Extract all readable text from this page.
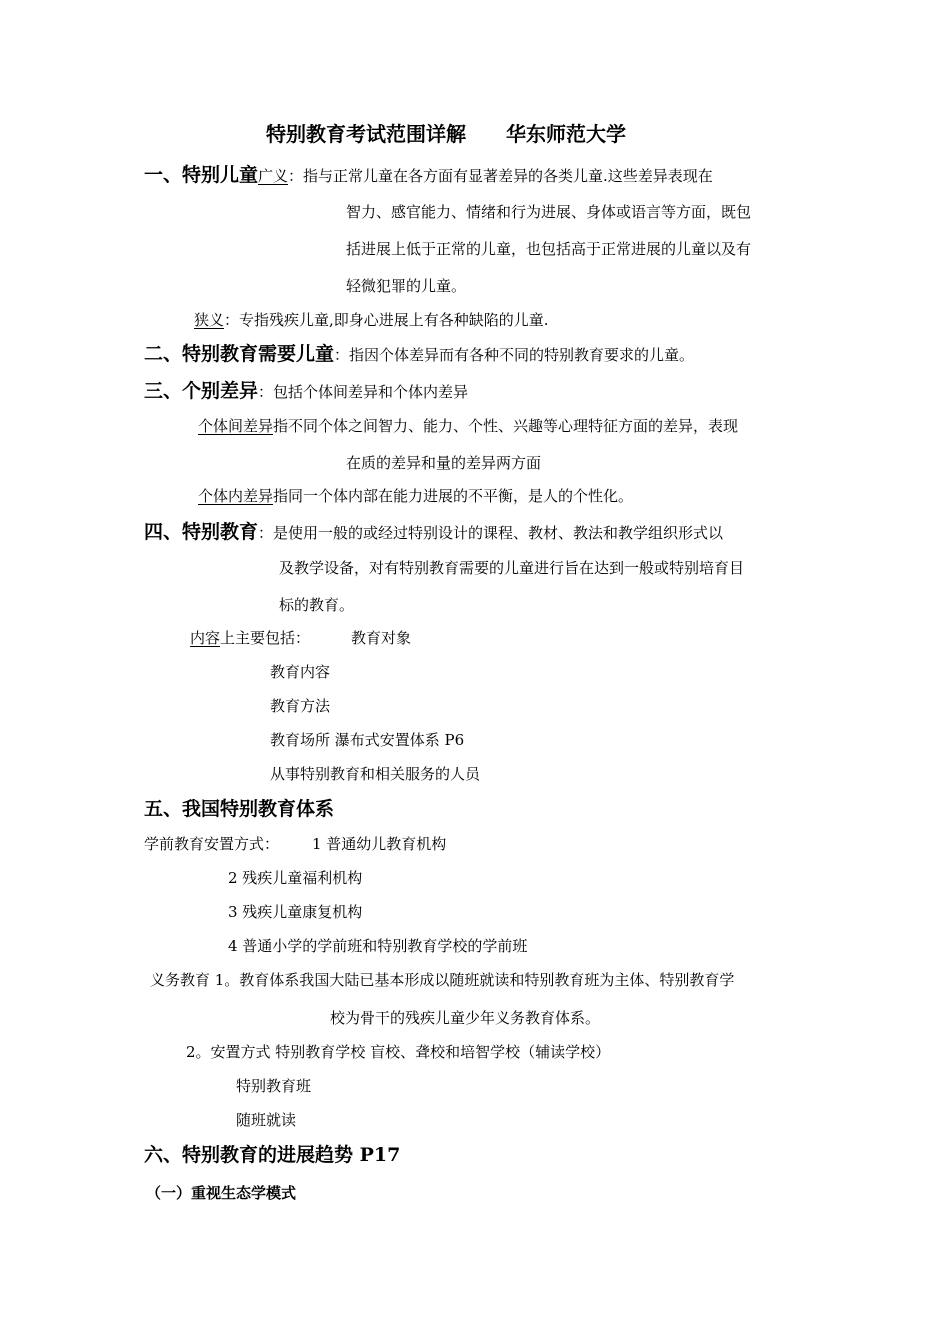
特别教育考试范围详解　　华东师范大学
一、特别儿童广义：指与正常儿童在各方面有显著差异的各类儿童.这些差异表现在
智力、感官能力、情绪和行为进展、身体或语言等方面，既包
括进展上低于正常的儿童，也包括高于正常进展的儿童以及有
轻微犯罪的儿童。
狭义：专指残疾儿童,即身心进展上有各种缺陷的儿童.
二、特别教育需要儿童：指因个体差异而有各种不同的特别教育要求的儿童。
三、个别差异：包括个体间差异和个体内差异
个体间差异指不同个体之间智力、能力、个性、兴趣等心理特征方面的差异，表现
在质的差异和量的差异两方面
个体内差异指同一个体内部在能力进展的不平衡，是人的个性化。
四、特别教育：是使用一般的或经过特别设计的课程、教材、教法和教学组织形式以
及教学设备，对有特别教育需要的儿童进行旨在达到一般或特别培育目
标的教育。
内容上主要包括：	教育对象
教育内容
教育方法
教育场所 瀑布式安置体系 P6
从事特别教育和相关服务的人员
五、我国特别教育体系
学前教育安置方式： 1 普通幼儿教育机构
2 残疾儿童福利机构
3 残疾儿童康复机构
4 普通小学的学前班和特别教育学校的学前班
义务教育 1。教育体系我国大陆已基本形成以随班就读和特别教育班为主体、特别教育学
校为骨干的残疾儿童少年义务教育体系。
2。安置方式 特别教育学校 盲校、聋校和培智学校（辅读学校）
特别教育班
随班就读
六、特别教育的进展趋势 P17
（一）重视生态学模式
